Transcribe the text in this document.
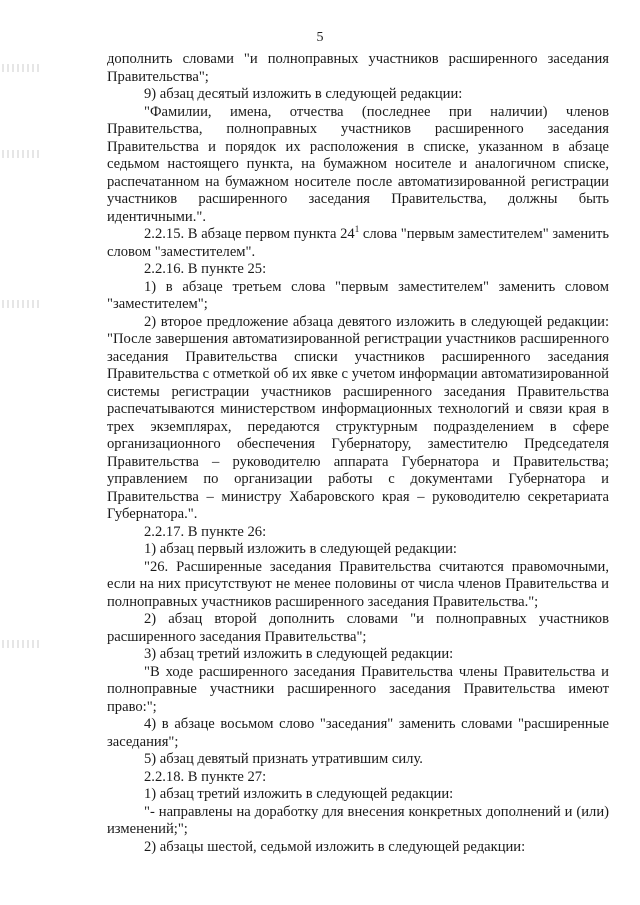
5

дополнить словами "и полноправных участников расширенного заседания Правительства";

9) абзац десятый изложить в следующей редакции:

"Фамилии, имена, отчества (последнее при наличии) членов Правительства, полноправных участников расширенного заседания Правительства и порядок их расположения в списке, указанном в абзаце седьмом настоящего пункта, на бумажном носителе и аналогичном списке, распечатанном на бумажном носителе после автоматизированной регистрации участников расширенного заседания Правительства, должны быть идентичными.".

2.2.15. В абзаце первом пункта $24^1$ слова "первым заместителем" заменить словом "заместителем".

2.2.16. В пункте 25:

1) в абзаце третьем слова "первым заместителем" заменить словом "заместителем";

2) второе предложение абзаца девятого изложить в следующей редакции: "После завершения автоматизированной регистрации участников расширенного заседания Правительства списки участников расширенного заседания Правительства с отметкой об их явке с учетом информации автоматизированной системы регистрации участников расширенного заседания Правительства распечатываются министерством информационных технологий и связи края в трех экземплярах, передаются структурным подразделением в сфере организационного обеспечения Губернатору, заместителю Председателя Правительства – руководителю аппарата Губернатора и Правительства; управлением по организации работы с документами Губернатора и Правительства – министру Хабаровского края – руководителю секретариата Губернатора.".

2.2.17. В пункте 26:

1) абзац первый изложить в следующей редакции:

"26. Расширенные заседания Правительства считаются правомочными, если на них присутствуют не менее половины от числа членов Правительства и полноправных участников расширенного заседания Правительства.";

2) абзац второй дополнить словами "и полноправных участников расширенного заседания Правительства";

3) абзац третий изложить в следующей редакции:

"В ходе расширенного заседания Правительства члены Правительства и полноправные участники расширенного заседания Правительства имеют право:";

4) в абзаце восьмом слово "заседания" заменить словами "расширенные заседания";

5) абзац девятый признать утратившим силу.

2.2.18. В пункте 27:

1) абзац третий изложить в следующей редакции:

"- направлены на доработку для внесения конкретных дополнений и (или) изменений;";

2) абзацы шестой, седьмой изложить в следующей редакции:
